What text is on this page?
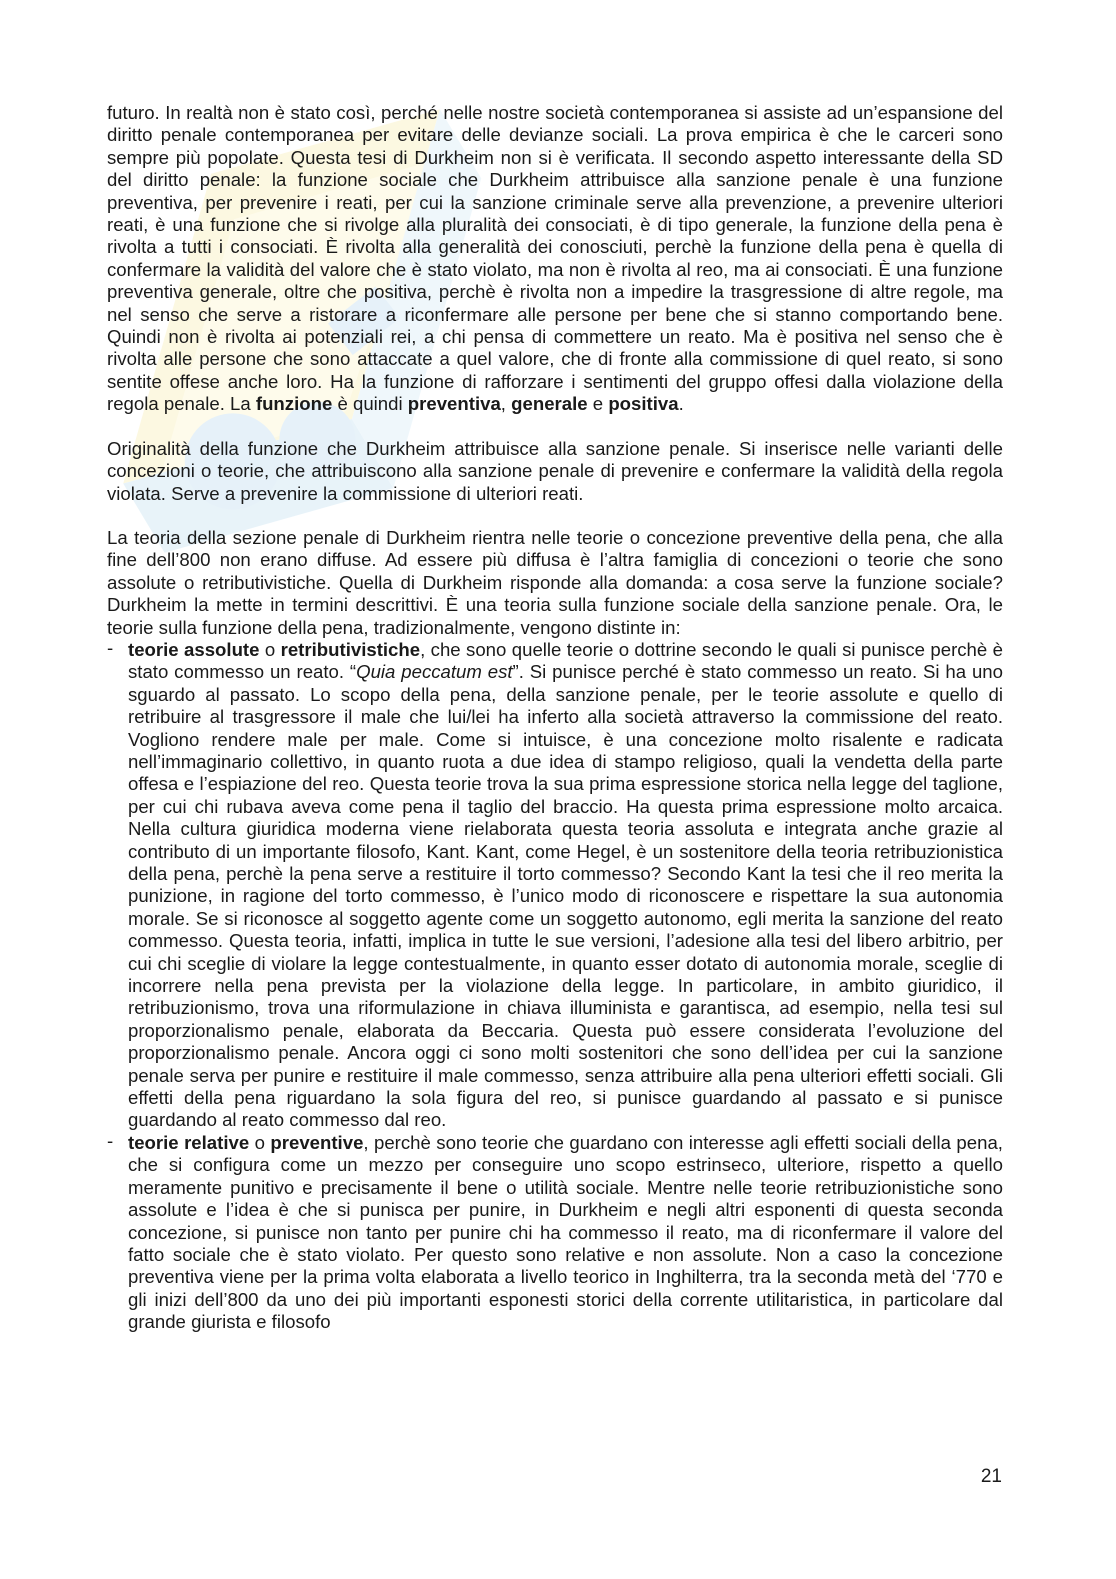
futuro. In realtà non è stato così, perché nelle nostre società contemporanea si assiste ad un’espansione del diritto penale contemporanea per evitare delle devianze sociali. La prova empirica è che le carceri sono sempre più popolate. Questa tesi di Durkheim non si è verificata. Il secondo aspetto interessante della SD del diritto penale: la funzione sociale che Durkheim attribuisce alla sanzione penale è una funzione preventiva, per prevenire i reati, per cui la sanzione criminale serve alla prevenzione, a prevenire ulteriori reati, è una funzione che si rivolge alla pluralità dei consociati, è di tipo generale, la funzione della pena è rivolta a tutti i consociati. È rivolta alla generalità dei conosciuti, perchè la funzione della pena è quella di confermare la validità del valore che è stato violato, ma non è rivolta al reo, ma ai consociati. È una funzione preventiva generale, oltre che positiva, perchè è rivolta non a impedire la trasgressione di altre regole, ma nel senso che serve a ristorare a riconfermare alle persone per bene che si stanno comportando bene. Quindi non è rivolta ai potenziali rei, a chi pensa di commettere un reato. Ma è positiva nel senso che è rivolta alle persone che sono attaccate a quel valore, che di fronte alla commissione di quel reato, si sono sentite offese anche loro. Ha la funzione di rafforzare i sentimenti del gruppo offesi dalla violazione della regola penale. La funzione è quindi preventiva, generale e positiva.

Originalità della funzione che Durkheim attribuisce alla sanzione penale. Si inserisce nelle varianti delle concezioni o teorie, che attribuiscono alla sanzione penale di prevenire e confermare la validità della regola violata. Serve a prevenire la commissione di ulteriori reati.

La teoria della sezione penale di Durkheim rientra nelle teorie o concezione preventive della pena, che alla fine dell’800 non erano diffuse. Ad essere più diffusa è l’altra famiglia di concezioni o teorie che sono assolute o retributivistiche. Quella di Durkheim risponde alla domanda: a cosa serve la funzione sociale? Durkheim la mette in termini descrittivi. È una teoria sulla funzione sociale della sanzione penale. Ora, le teorie sulla funzione della pena, tradizionalmente, vengono distinte in:

- teorie assolute o retributivistiche, che sono quelle teorie o dottrine secondo le quali si punisce perchè è stato commesso un reato. “Quia peccatum est”. Si punisce perché è stato commesso un reato. Si ha uno sguardo al passato. Lo scopo della pena, della sanzione penale, per le teorie assolute e quello di retribuire al trasgressore il male che lui/lei ha inferto alla società attraverso la commissione del reato. Vogliono rendere male per male. Come si intuisce, è una concezione molto risalente e radicata nell’immaginario collettivo, in quanto ruota a due idea di stampo religioso, quali la vendetta della parte offesa e l’espiazione del reo. Questa teorie trova la sua prima espressione storica nella legge del taglione, per cui chi rubava aveva come pena il taglio del braccio. Ha questa prima espressione molto arcaica. Nella cultura giuridica moderna viene rielaborata questa teoria assoluta e integrata anche grazie al contributo di un importante filosofo, Kant. Kant, come Hegel, è un sostenitore della teoria retribuzionistica della pena, perchè la pena serve a restituire il torto commesso? Secondo Kant la tesi che il reo merita la punizione, in ragione del torto commesso, è l’unico modo di riconoscere e rispettare la sua autonomia morale. Se si riconosce al soggetto agente come un soggetto autonomo, egli merita la sanzione del reato commesso. Questa teoria, infatti, implica in tutte le sue versioni, l’adesione alla tesi del libero arbitrio, per cui chi sceglie di violare la legge contestualmente, in quanto esser dotato di autonomia morale, sceglie di incorrere nella pena prevista per la violazione della legge. In particolare, in ambito giuridico, il retribuzionismo, trova una riformulazione in chiava illuminista e garantisca, ad esempio, nella tesi sul proporzionalismo penale, elaborata da Beccaria. Questa può essere considerata l’evoluzione del proporzionalismo penale. Ancora oggi ci sono molti sostenitori che sono dell’idea per cui la sanzione penale serva per punire e restituire il male commesso, senza attribuire alla pena ulteriori effetti sociali. Gli effetti della pena riguardano la sola figura del reo, si punisce guardando al passato e si punisce guardando al reato commesso dal reo.
- teorie relative o preventive, perchè sono teorie che guardano con interesse agli effetti sociali della pena, che si configura come un mezzo per conseguire uno scopo estrinseco, ulteriore, rispetto a quello meramente punitivo e precisamente il bene o utilità sociale. Mentre nelle teorie retribuzionistiche sono assolute e l’idea è che si punisca per punire, in Durkheim e negli altri esponenti di questa seconda concezione, si punisce non tanto per punire chi ha commesso il reato, ma di riconfermare il valore del fatto sociale che è stato violato. Per questo sono relative e non assolute. Non a caso la concezione preventiva viene per la prima volta elaborata a livello teorico in Inghilterra, tra la seconda metà del ‘770 e gli inizi dell’800 da uno dei più importanti esponesti storici della corrente utilitaristica, in particolare dal grande giurista e filosofo
21
